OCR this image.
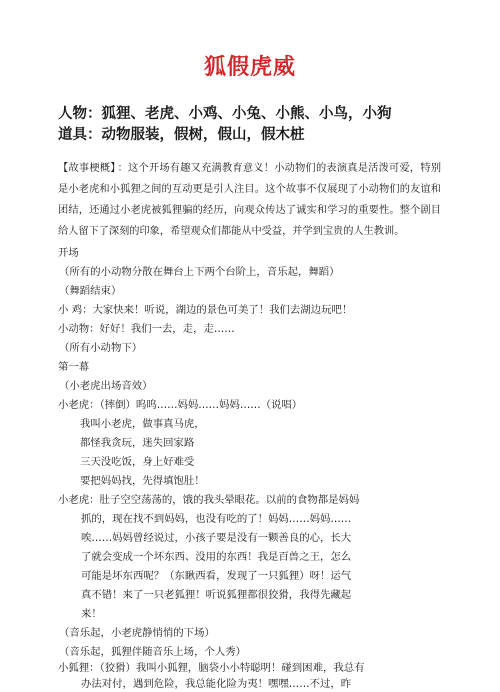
狐假虎威
人物：狐狸、老虎、小鸡、小兔、小熊、小鸟，小狗
道具：动物服装，假树，假山，假木桩
【故事梗概】 ：这个开场有趣又充满教育意义！小动物们的表演真是活泼可爱，特别是小老虎和小狐狸之间的互动更是引人注目。这个故事不仅展现了小动物们的友谊和团结，还通过小老虎被狐狸骗的经历，向观众传达了诚实和学习的重要性。整个剧目给人留下了深刻的印象，希望观众们都能从中受益，并学到宝贵的人生教训。
开场
（所有的小动物分散在舞台上下两个台阶上，音乐起，舞蹈）
（舞蹈结束）
小 鸡：大家快来！听说，湖边的景色可美了！我们去湖边玩吧！
小动物：好好！我们一去，走，走……
（所有小动物下）
第一幕
（小老虎出场音效）
小老虎：（摔倒）呜呜……妈妈……妈妈……（说唱）
我叫小老虎，做事真马虎，
都怪我贪玩，迷失回家路
三天没吃饭，身上好难受
要把妈妈找，先得填饱肚！
小老虎：肚子空空荡荡的，饿的我头晕眼花。以前的食物都是妈妈
抓的，现在找不到妈妈，也没有吃的了！妈妈……妈妈……
唉……妈妈曾经说过，小孩子要是没有一颗善良的心，长大
了就会变成一个坏东西、没用的东西！我是百兽之王，怎么
可能是坏东西呢？（东瞅西看，发现了一只狐狸）呀！运气
真不错！来了一只老狐狸！听说狐狸都很狡猾，我得先藏起
来！
（音乐起，小老虎静悄悄的下场）
（音乐起，狐狸伴随音乐上场，个人秀）
小狐狸：（狡猾）我叫小狐狸，脑袋小小特聪明！碰到困难，我总有
办法对付，遇到危险，我总能化险为夷！嘿嘿……不过，昨
